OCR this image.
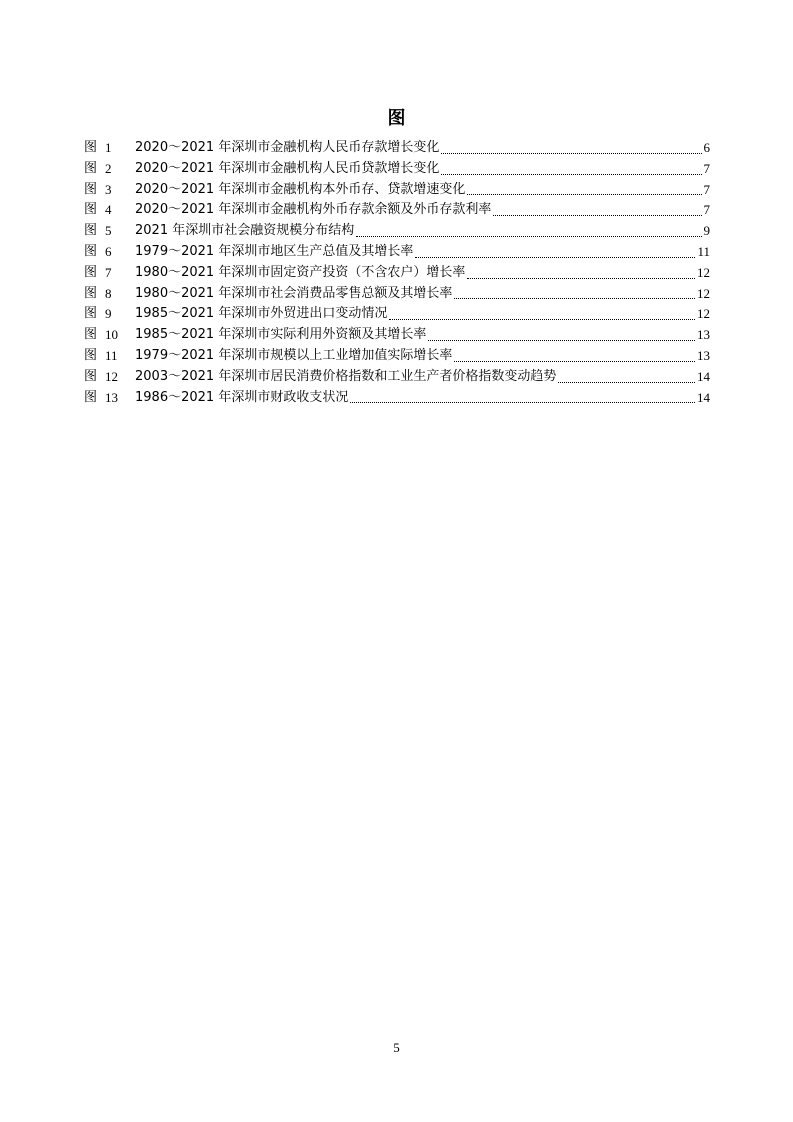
图
图 1	2020～2021 年深圳市金融机构人民币存款增长变化	6
图 2	2020～2021 年深圳市金融机构人民币贷款增长变化	7
图 3	2020～2021 年深圳市金融机构本外币存、贷款增速变化	7
图 4	2020～2021 年深圳市金融机构外币存款余额及外币存款利率	7
图 5	2021 年深圳市社会融资规模分布结构	9
图 6	1979～2021 年深圳市地区生产总值及其增长率	11
图 7	1980～2021 年深圳市固定资产投资（不含农户）增长率	12
图 8	1980～2021 年深圳市社会消费品零售总额及其增长率	12
图 9	1985～2021 年深圳市外贸进出口变动情况	12
图 10	1985～2021 年深圳市实际利用外资额及其增长率	13
图 11	1979～2021 年深圳市规模以上工业增加值实际增长率	13
图 12	2003～2021 年深圳市居民消费价格指数和工业生产者价格指数变动趋势	14
图 13	1986～2021 年深圳市财政收支状况	14
5
